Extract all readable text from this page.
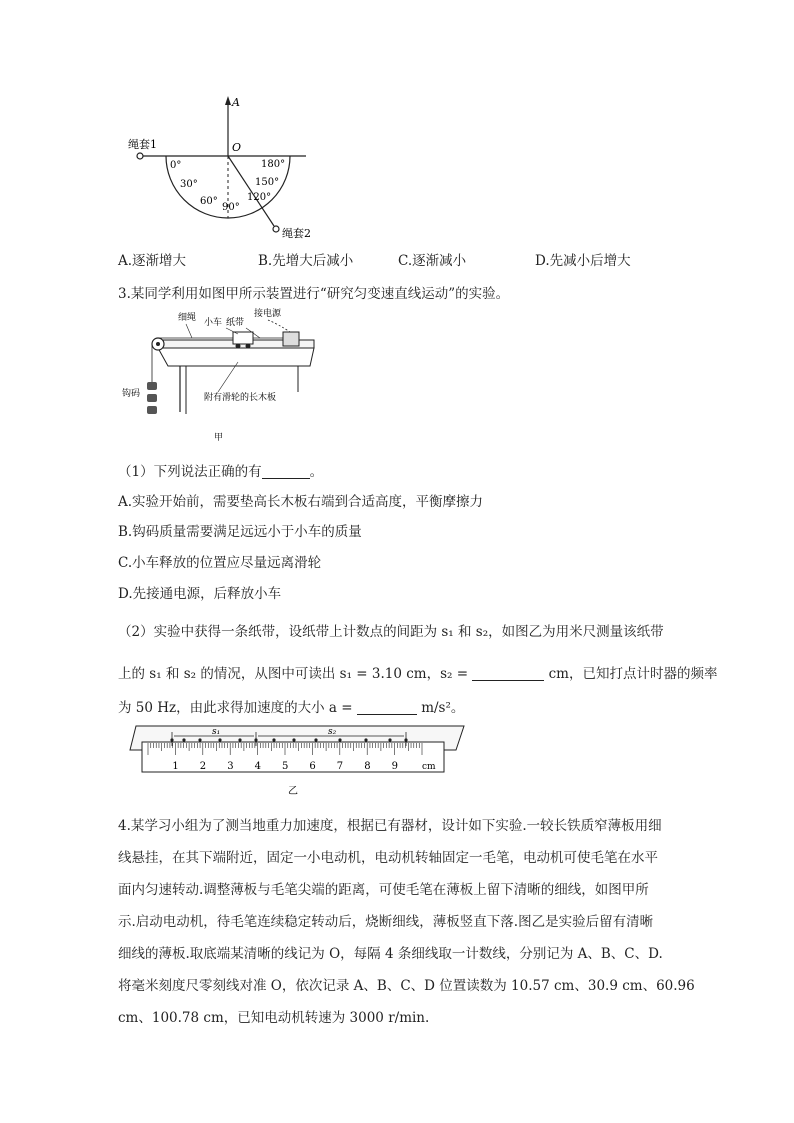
A
O
绳套1
绳套2
0°
30°
60°
90°
120°
150°
180°
A.逐渐增大	B.先增大后减小	C.逐渐减小	D.先减小后增大
3.某同学利用如图甲所示装置进行“研究匀变速直线运动”的实验。
细绳 小车 纸带
接电源
钩码	附有滑轮的长木板
甲
（1）下列说法正确的有	。
A.实验开始前，需要垫高长木板右端到合适高度，平衡摩擦力
B.钩码质量需要满足远远小于小车的质量
C.小车释放的位置应尽量远离滑轮
D.先接通电源，后释放小车
（2）实验中获得一条纸带，设纸带上计数点的间距为 s₁ 和 s₂，如图乙为用米尺测量该纸带
上的 s₁ 和 s₂ 的情况，从图中可读出 s₁ = 3.10 cm，s₂ =	cm，已知打点计时器的频率
为 50 Hz，由此求得加速度的大小 a =	m/s²。
s₁	s₂
1 2 3 4 5 6 7 8 9	cm
乙
4.某学习小组为了测当地重力加速度，根据已有器材，设计如下实验.一较长铁质窄薄板用细
线悬挂，在其下端附近，固定一小电动机，电动机转轴固定一毛笔，电动机可使毛笔在水平
面内匀速转动.调整薄板与毛笔尖端的距离，可使毛笔在薄板上留下清晰的细线，如图甲所
示.启动电动机，待毛笔连续稳定转动后，烧断细线，薄板竖直下落.图乙是实验后留有清晰
细线的薄板.取底端某清晰的线记为 O，每隔 4 条细线取一计数线，分别记为 A、B、C、D.
将毫米刻度尺零刻线对准 O，依次记录 A、B、C、D 位置读数为 10.57 cm、30.9 cm、60.96
cm、100.78 cm，已知电动机转速为 3000 r/min.
